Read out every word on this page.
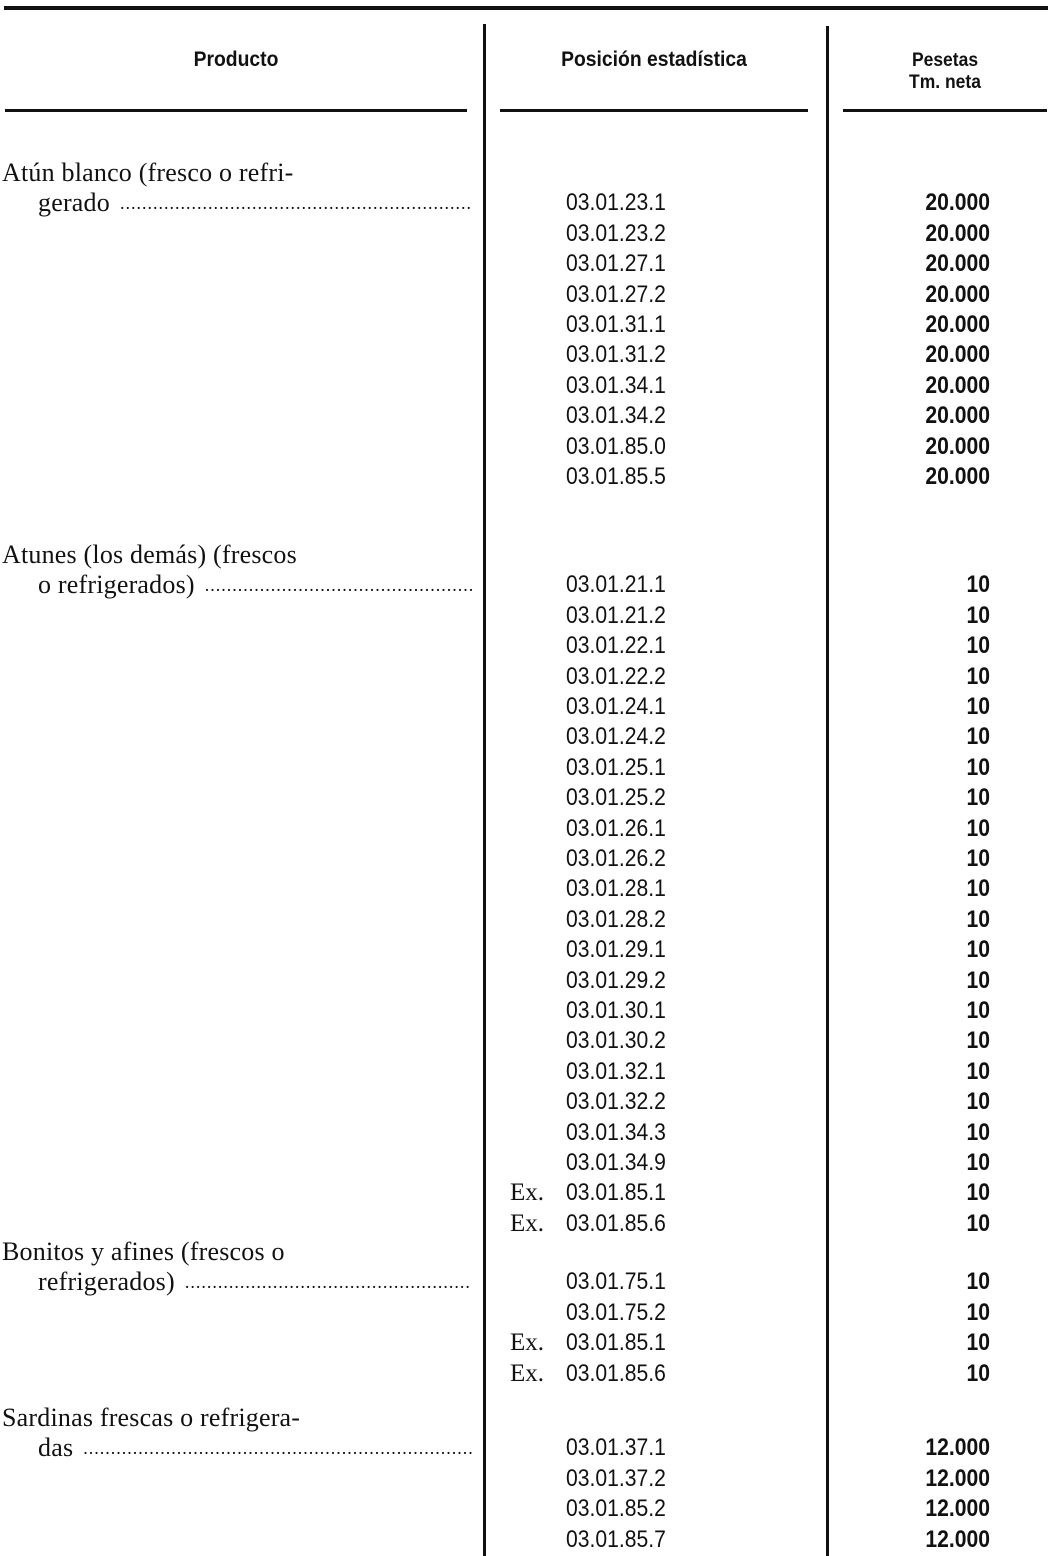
Producto	Posición estadística	Pesetas
Tm. neta
Atún blanco (fresco o refri-
gerado .....	03.01.23.1	20.000
03.01.23.2	20.000
03.01.27.1	20.000
03.01.27.2	20.000
03.01.31.1	20.000
03.01.31.2	20.000
03.01.34.1	20.000
03.01.34.2	20.000
03.01.85.0	20.000
03.01.85.5	20.000
Atunes (los demás) (frescos
o refrigerados) .....	03.01.21.1	10
03.01.21.2	10
03.01.22.1	10
03.01.22.2	10
03.01.24.1	10
03.01.24.2	10
03.01.25.1	10
03.01.25.2	10
03.01.26.1	10
03.01.26.2	10
03.01.28.1	10
03.01.28.2	10
03.01.29.1	10
03.01.29.2	10
03.01.30.1	10
03.01.30.2	10
03.01.32.1	10
03.01.32.2	10
03.01.34.3	10
03.01.34.9	10
Ex. 03.01.85.1	10
Ex. 03.01.85.6	10
Bonitos y afines (frescos o
refrigerados) .....	03.01.75.1	10
03.01.75.2	10
Ex. 03.01.85.1	10
Ex. 03.01.85.6	10
Sardinas frescas o refrigera-
das .....	03.01.37.1	12.000
03.01.37.2	12.000
03.01.85.2	12.000
03.01.85.7	12.000
